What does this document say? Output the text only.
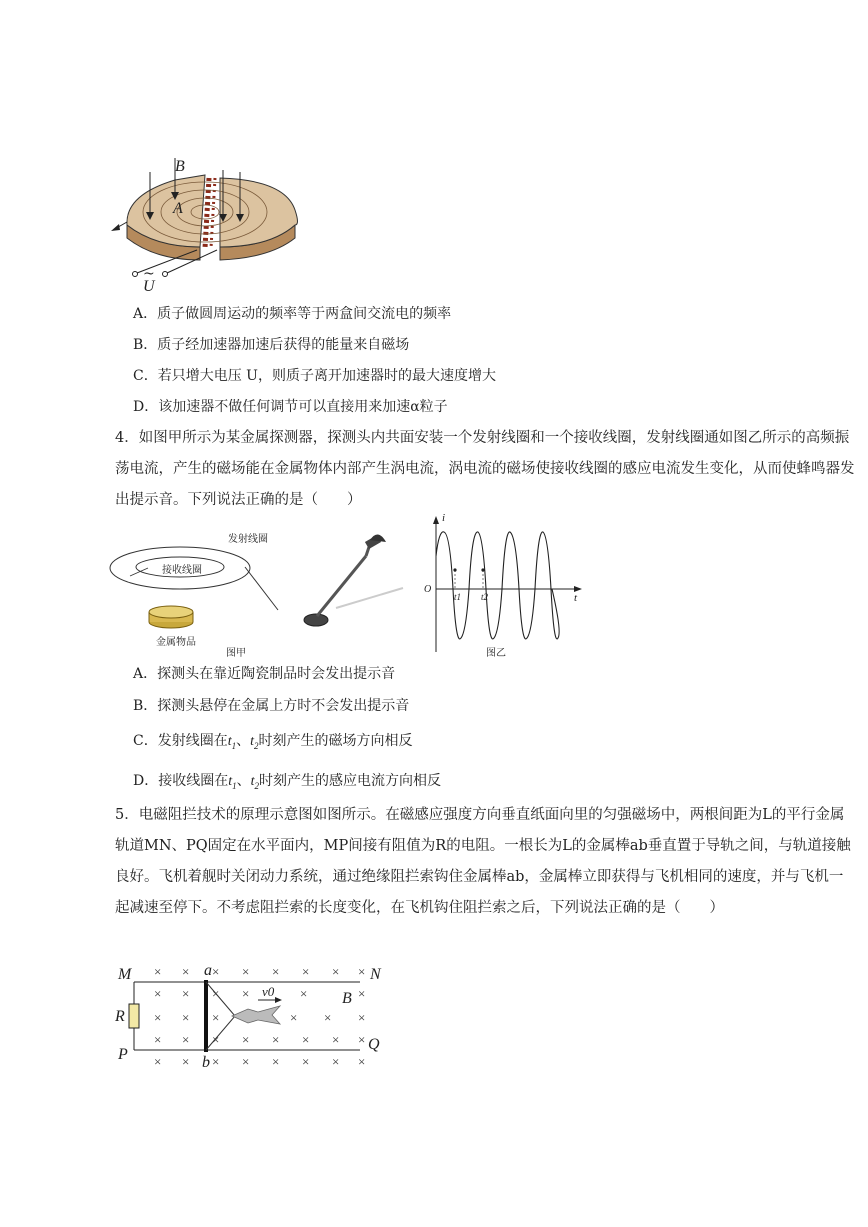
B
A
U
~
A．质子做圆周运动的频率等于两盒间交流电的频率
B．质子经加速器加速后获得的能量来自磁场
C．若只增大电压 U，则质子离开加速器时的最大速度增大
D．该加速器不做任何调节可以直接用来加速α粒子
4．如图甲所示为某金属探测器，探测头内共面安装一个发射线圈和一个接收线圈，发射线圈通如图乙所示的高频振荡电流，产生的磁场能在金属物体内部产生涡电流，涡电流的磁场使接收线圈的感应电流发生变化，从而使蜂鸣器发出提示音。下列说法正确的是（　　）
发射线圈
接收线圈
金属物品
图甲
i
t
O
t1 t2
图乙
A．探测头在靠近陶瓷制品时会发出提示音
B．探测头悬停在金属上方时不会发出提示音
C．发射线圈在$t_1$、$t_2$时刻产生的磁场方向相反
D．接收线圈在$t_1$、$t_2$时刻产生的感应电流方向相反
5．电磁阻拦技术的原理示意图如图所示。在磁感应强度方向垂直纸面向里的匀强磁场中，两根间距为L的平行金属轨道MN、PQ固定在水平面内，MP间接有阻值为R的电阻。一根长为L的金属棒ab垂直置于导轨之间，与轨道接触良好。飞机着舰时关闭动力系统，通过绝缘阻拦索钩住金属棒ab，金属棒立即获得与飞机相同的速度，并与飞机一起减速至停下。不考虑阻拦索的长度变化，在飞机钩住阻拦索之后，下列说法正确的是（　　）
× × × × × × × ×
× × × ×	×	×
× × ×	× × ×
× × × × × × × ×
× × × × × × × ×
M	N
P
Q
R
a
b
B
v0
